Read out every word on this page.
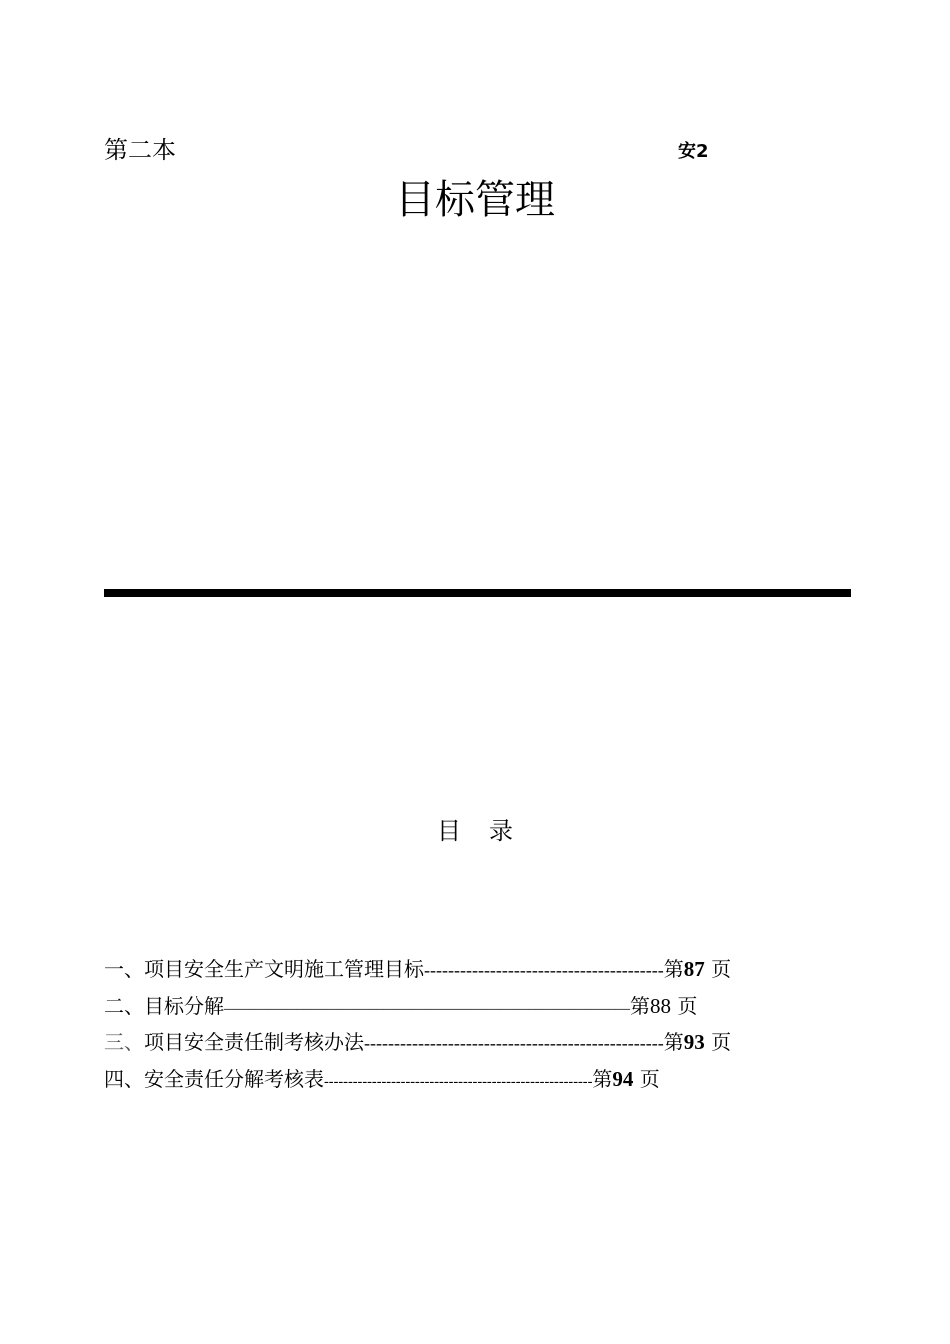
第二本	安2
目标管理
目录
一、项目安全生产文明施工管理目标----------------------------------------第87 页
二、目标分解––––––––––––––––––––––––––––––––––––––––––––––––––––––––第88 页
三、项目安全责任制考核办法--------------------------------------------------第93 页
四、安全责任分解考核表--------------------------------------------------------第94 页
